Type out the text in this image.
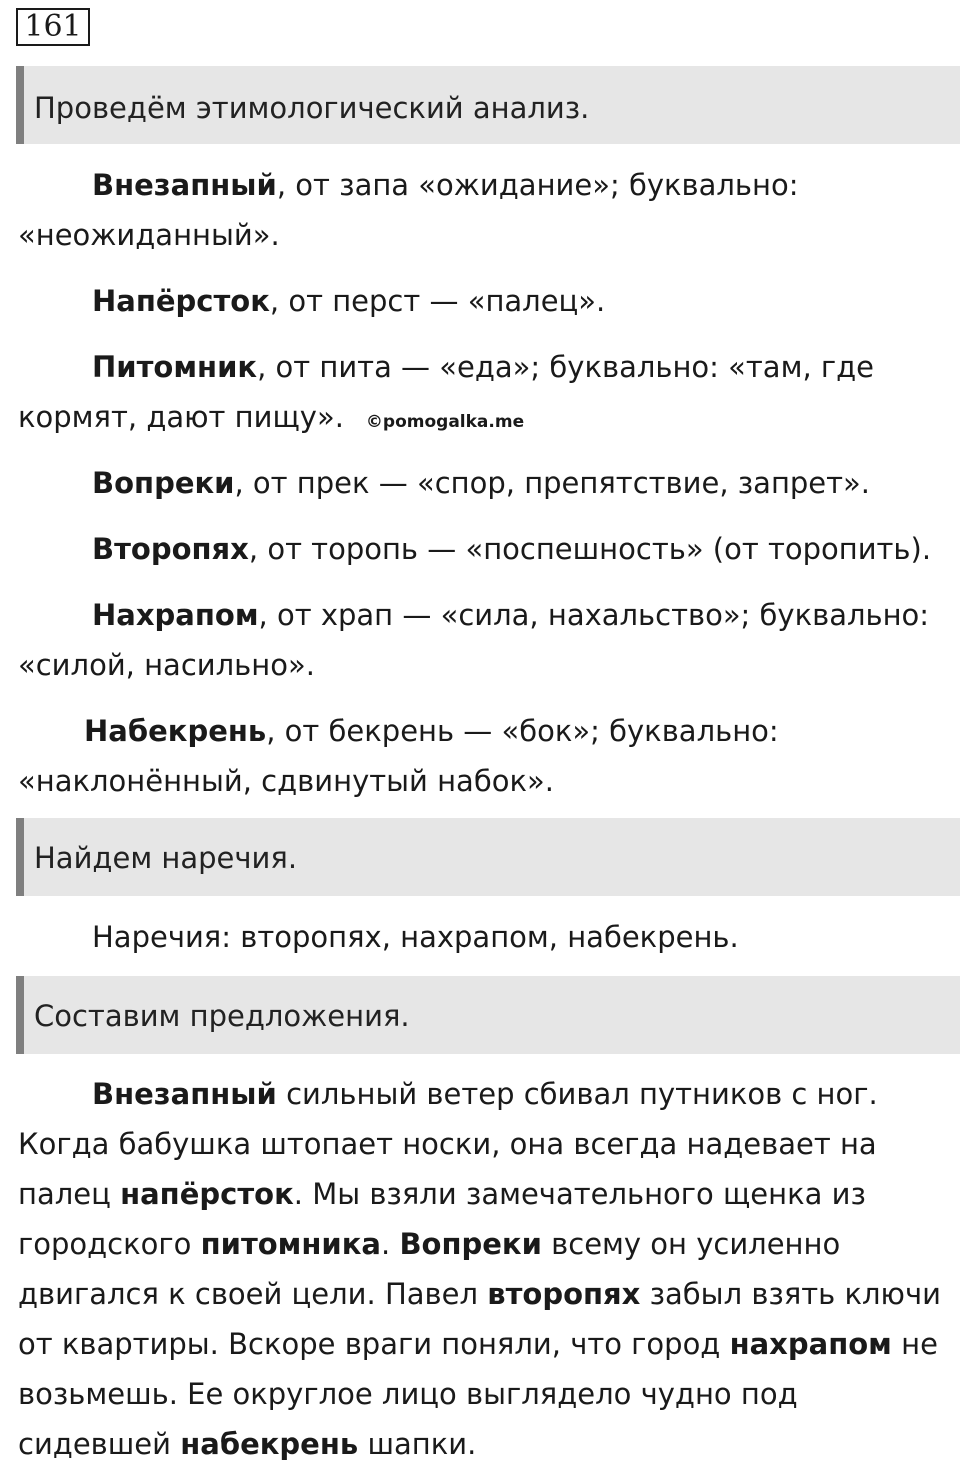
161
Проведём этимологический анализ.

Внезапный, от запа «ожидание»; буквально: «неожиданный».

Напёрсток, от перст — «палец».

Питомник, от пита — «еда»; буквально: «там, где кормят, дают пищу». ©pomogalka.me

Вопреки, от прек — «спор, препятствие, запрет».

Второпях, от торопь — «поспешность» (от торопить).

Нахрапом, от храп — «сила, нахальство»; буквально: «силой, насильно».

Набекрень, от бекрень — «бок»; буквально: «наклонённый, сдвинутый набок».

Найдем наречия.

Наречия: второпях, нахрапом, набекрень.

Составим предложения.

Внезапный сильный ветер сбивал путников с ног. Когда бабушка штопает носки, она всегда надевает на палец напёрсток. Мы взяли замечательного щенка из городского питомника. Вопреки всему он усиленно двигался к своей цели. Павел второпях забыл взять ключи от квартиры. Вскоре враги поняли, что город нахрапом не возьмешь. Ее округлое лицо выглядело чудно под сидевшей набекрень шапки.
